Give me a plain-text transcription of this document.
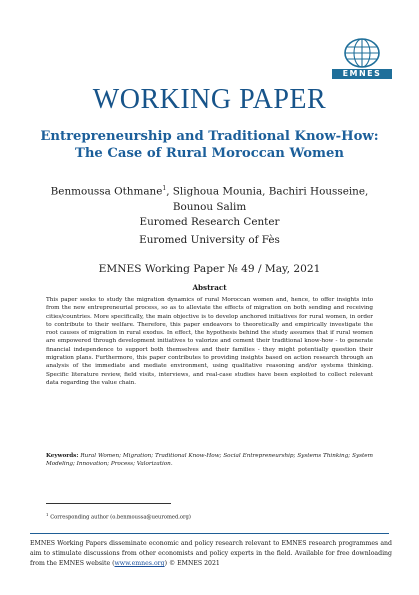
EMNES
WORKING PAPER
Entrepreneurship and Traditional Know-How:
The Case of Rural Moroccan Women
Benmoussa Othmane$^1$, Slighoua Mounia, Bachiri Housseine,
Bounou Salim
Euromed Research Center
Euromed University of Fès
EMNES Working Paper № 49 / May, 2021
Abstract
This paper seeks to study the migration dynamics of rural Moroccan women and, hence, to offer insights into from the new entrepreneurial process, so as to alleviate the effects of migration on both sending and receiving cities/countries. More specifically, the main objective is to develop anchored initiatives for rural women, in order to contribute to their welfare. Therefore, this paper endeavors to theoretically and empirically investigate the root causes of migration in rural exodus. In effect, the hypothesis behind the study assumes that if rural women are empowered through development initiatives to valorize and cement their traditional know-how - to generate financial independence to support both themselves and their families - they might potentially question their migration plans. Furthermore, this paper contributes to providing insights based on action research through an analysis of the immediate and mediate environment, using qualitative reasoning and/or systems thinking. Specific literature review, field visits, interviews, and real-case studies have been exploited to collect relevant data regarding the value chain.
Keywords: Rural Women; Migration; Traditional Know-How; Social Entrepreneurship; Systems Thinking; System Modeling; Innovation; Process; Valorization.
$^1$ Corresponding author (o.benmoussa@ueuromed.org)
EMNES Working Papers disseminate economic and policy research relevant to EMNES research programmes and aim to stimulate discussions from other economists and policy experts in the field. Available for free downloading from the EMNES website (www.emnes.org) © EMNES 2021
